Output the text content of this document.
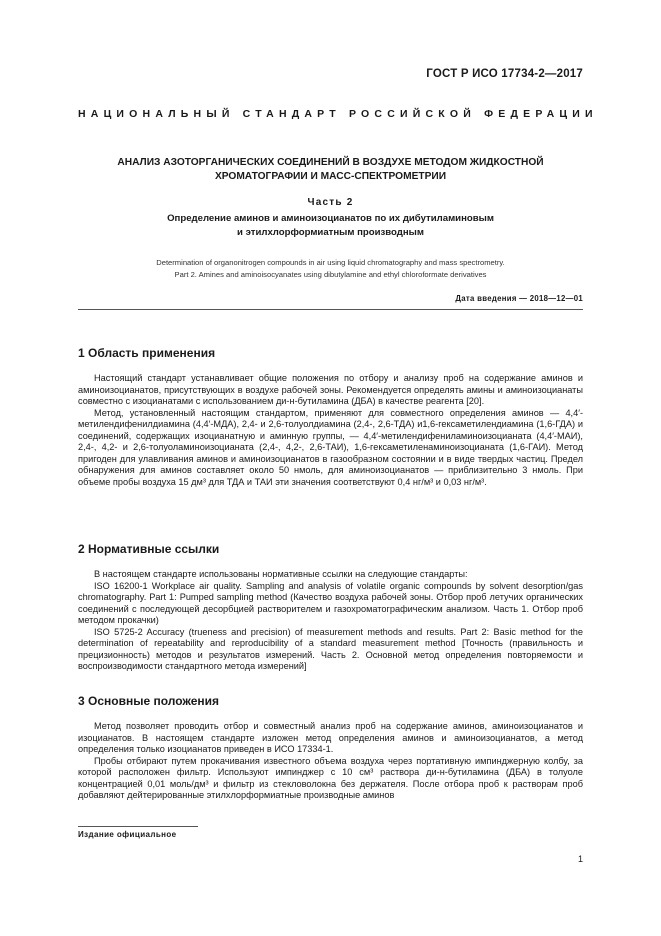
ГОСТ Р ИСО 17734-2—2017
НАЦИОНАЛЬНЫЙ СТАНДАРТ РОССИЙСКОЙ ФЕДЕРАЦИИ
АНАЛИЗ АЗОТОРГАНИЧЕСКИХ СОЕДИНЕНИЙ В ВОЗДУХЕ МЕТОДОМ ЖИДКОСТНОЙ
ХРОМАТОГРАФИИ И МАСС-СПЕКТРОМЕТРИИ
Часть 2
Определение аминов и аминоизоцианатов по их дибутиламиновым
и этилхлорформиатным производным
Determination of organonitrogen compounds in air using liquid chromatography and mass spectrometry.
Part 2. Amines and aminoisocyanates using dibutylamine and ethyl chloroformate derivatives
Дата введения — 2018—12—01
1 Область применения
Настоящий стандарт устанавливает общие положения по отбору и анализу проб на содержание аминов и аминоизоцианатов, присутствующих в воздухе рабочей зоны. Рекомендуется определять амины и аминоизоцианаты совместно с изоцианатами с использованием ди-н-бутиламина (ДБА) в качестве реагента [20].
Метод, установленный настоящим стандартом, применяют для совместного определения аминов — 4,4′-метилендифенилдиамина (4,4′-МДА), 2,4- и 2,6-толуолдиамина (2,4-, 2,6-ТДА) и1,6-гексаметилендиамина (1,6-ГДА) и соединений, содержащих изоцианатную и аминную группы, — 4,4′-метилендифениламиноизоцианата (4,4′-МАИ), 2,4-, 4,2- и 2,6-толуоламиноизоцианата (2,4-, 4,2-, 2,6-ТАИ), 1,6-гексаметиленаминоизоцианата (1,6-ГАИ). Метод пригоден для улавливания аминов и аминоизоцианатов в газообразном состоянии и в виде твердых частиц. Предел обнаружения для аминов составляет около 50 нмоль, для аминоизоцианатов — приблизительно 3 нмоль. При объеме пробы воздуха 15 дм³ для ТДА и ТАИ эти значения соответствуют 0,4 нг/м³ и 0,03 нг/м³.
2 Нормативные ссылки
В настоящем стандарте использованы нормативные ссылки на следующие стандарты:
ISO 16200-1 Workplace air quality. Sampling and analysis of volatile organic compounds by solvent desorption/gas chromatography. Part 1: Pumped sampling method (Качество воздуха рабочей зоны. Отбор проб летучих органических соединений с последующей десорбцией растворителем и газохроматографическим анализом. Часть 1. Отбор проб методом прокачки)
ISO 5725-2 Accuracy (trueness and precision) of measurement methods and results. Part 2: Basic method for the determination of repeatability and reproducibility of a standard measurement method [Точность (правильность и прецизионность) методов и результатов измерений. Часть 2. Основной метод определения повторяемости и воспроизводимости стандартного метода измерений]
3 Основные положения
Метод позволяет проводить отбор и совместный анализ проб на содержание аминов, аминоизоцианатов и изоцианатов. В настоящем стандарте изложен метод определения аминов и аминоизоцианатов, а метод определения только изоцианатов приведен в ИСО 17334-1.
Пробы отбирают путем прокачивания известного объема воздуха через портативную импинджерную колбу, за которой расположен фильтр. Используют импинджер с 10 см³ раствора ди-н-бутиламина (ДБА) в толуоле концентрацией 0,01 моль/дм³ и фильтр из стекловолокна без держателя. После отбора проб к растворам проб добавляют дейтерированные этилхлорформиатные производные аминов
Издание официальное
1
